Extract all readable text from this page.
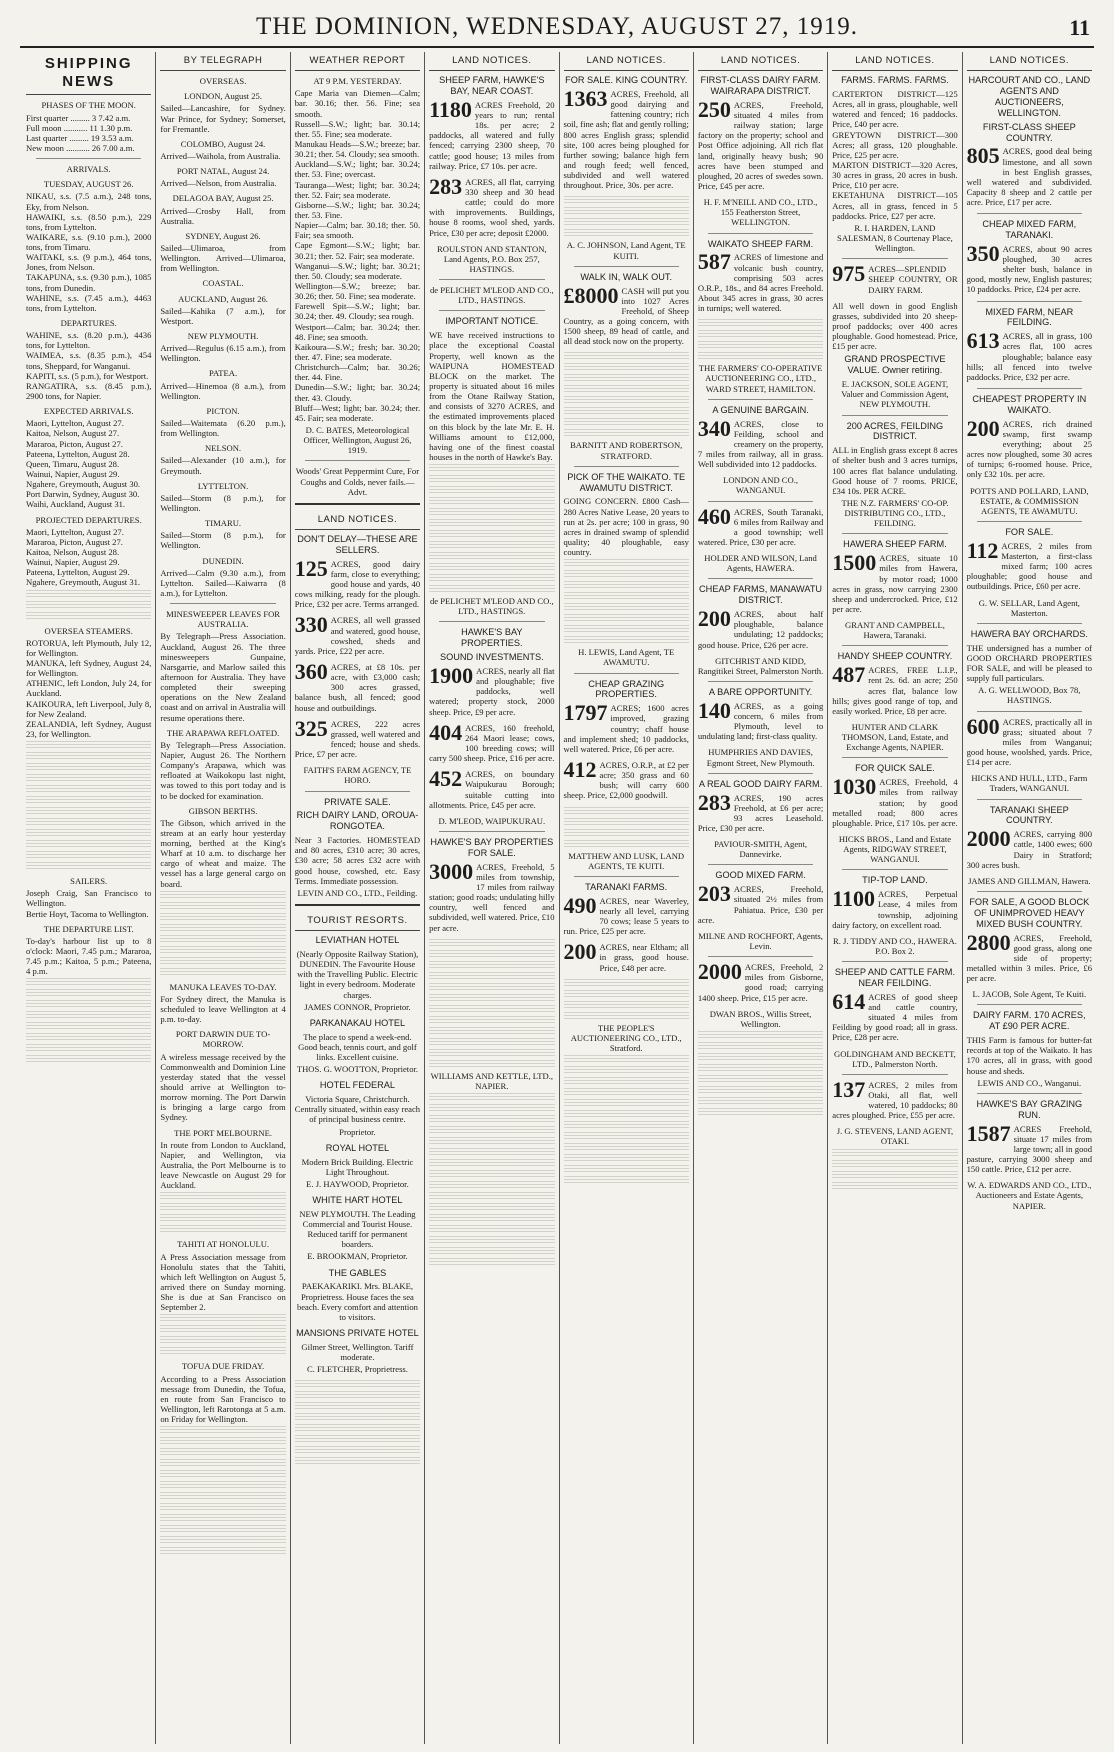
THE DOMINION, WEDNESDAY, AUGUST 27, 1919.	11
SHIPPING NEWS
PHASES OF THE MOON.

First quarter ......... 3 7.42 a.m.

Full moon ........... 11 1.30 p.m.

Last quarter ......... 19 3.53 a.m.

New moon ........... 26 7.00 a.m.

ARRIVALS.
TUESDAY, AUGUST 26.

NIKAU, s.s. (7.5 a.m.), 248 tons, Eky, from Nelson.

HAWAIKI, s.s. (8.50 p.m.), 229 tons, from Lyttelton.

WAIKARE, s.s. (9.10 p.m.), 2000 tons, from Timaru.

WAITAKI, s.s. (9 p.m.), 464 tons, Jones, from Nelson.

TAKAPUNA, s.s. (9.30 p.m.), 1085 tons, from Dunedin.

WAHINE, s.s. (7.45 a.m.), 4463 tons, from Lyttelton.

DEPARTURES.

WAHINE, s.s. (8.20 p.m.), 4436 tons, for Lyttelton.

WAIMEA, s.s. (8.35 p.m.), 454 tons, Sheppard, for Wanganui.

KAPITI, s.s. (5 p.m.), for Westport.

RANGATIRA, s.s. (8.45 p.m.), 2900 tons, for Napier.

EXPECTED ARRIVALS.

Maori, Lyttelton, August 27.

Kaitoa, Nelson, August 27.

Mararoa, Picton, August 27.

Pateena, Lyttelton, August 28.

Queen, Timaru, August 28.

Wainui, Napier, August 29.

Ngahere, Greymouth, August 30.

Port Darwin, Sydney, August 30.

Waihi, Auckland, August 31.

PROJECTED DEPARTURES.

Maori, Lyttelton, August 27.

Mararoa, Picton, August 27.

Kaitoa, Nelson, August 28.

Wainui, Napier, August 29.

Pateena, Lyttelton, August 29.

Ngahere, Greymouth, August 31.

OVERSEA STEAMERS.

ROTORUA, left Plymouth, July 12, for Wellington.

MANUKA, left Sydney, August 24, for Wellington.

ATHENIC, left London, July 24, for Auckland.

KAIKOURA, left Liverpool, July 8, for New Zealand.

ZEALANDIA, left Sydney, August 23, for Wellington.

SAILERS.

Joseph Craig, San Francisco to Wellington.

Bertie Hoyt, Tacoma to Wellington.

THE DEPARTURE LIST.

To-day's harbour list up to 8 o'clock: Maori, 7.45 p.m.; Mararoa, 7.45 p.m.; Kaitoa, 5 p.m.; Pateena, 4 p.m.

BY TELEGRAPH
OVERSEAS.
LONDON, August 25.

Sailed—Lancashire, for Sydney. War Prince, for Sydney; Somerset, for Fremantle.

COLOMBO, August 24.

Arrived—Waihola, from Australia.

PORT NATAL, August 24.

Arrived—Nelson, from Australia.

DELAGOA BAY, August 25.

Arrived—Crosby Hall, from Australia.

SYDNEY, August 26.

Sailed—Ulimaroa, from Wellington. Arrived—Ulimaroa, from Wellington.

COASTAL.
AUCKLAND, August 26.

Sailed—Kahika (7 a.m.), for Westport.

NEW PLYMOUTH.

Arrived—Regulus (6.15 a.m.), from Wellington.

PATEA.

Arrived—Hinemoa (8 a.m.), from Wellington.

PICTON.

Sailed—Waitemata (6.20 p.m.), from Wellington.

NELSON.

Sailed—Alexander (10 a.m.), for Greymouth.

LYTTELTON.

Sailed—Storm (8 p.m.), for Wellington.

TIMARU.

Sailed—Storm (8 p.m.), for Wellington.

DUNEDIN.

Arrived—Calm (9.30 a.m.), from Lyttelton. Sailed—Kaiwarra (8 a.m.), for Lyttelton.

MINESWEEPER LEAVES FOR AUSTRALIA.

By Telegraph—Press Association. Auckland, August 26. The three minesweepers Gunpaine, Narsgarrie, and Marlow sailed this afternoon for Australia. They have completed their sweeping operations on the New Zealand coast and on arrival in Australia will resume operations there.

THE ARAPAWA REFLOATED.

By Telegraph—Press Association. Napier, August 26. The Northern Company's Arapawa, which was refloated at Waikokopu last night, was towed to this port today and is to be docked for examination.

GIBSON BERTHS.

The Gibson, which arrived in the stream at an early hour yesterday morning, berthed at the King's Wharf at 10 a.m. to discharge her cargo of wheat and maize. The vessel has a large general cargo on board.

MANUKA LEAVES TO-DAY.

For Sydney direct, the Manuka is scheduled to leave Wellington at 4 p.m. to-day.

PORT DARWIN DUE TO-MORROW.

A wireless message received by the Commonwealth and Dominion Line yesterday stated that the vessel should arrive at Wellington to-morrow morning. The Port Darwin is bringing a large cargo from Sydney.

THE PORT MELBOURNE.

In route from London to Auckland, Napier, and Wellington, via Australia, the Port Melbourne is to leave Newcastle on August 29 for Auckland.

TAHITI AT HONOLULU.

A Press Association message from Honolulu states that the Tahiti, which left Wellington on August 5, arrived there on Sunday morning. She is due at San Francisco on September 2.

TOFUA DUE FRIDAY.

According to a Press Association message from Dunedin, the Tofua, en route from San Francisco to Wellington, left Rarotonga at 5 a.m. on Friday for Wellington.

WEATHER REPORT
AT 9 P.M. YESTERDAY.

Cape Maria van Diemen—Calm; bar. 30.16; ther. 56. Fine; sea smooth.

Russell—S.W.; light; bar. 30.14; ther. 55. Fine; sea moderate.

Manukau Heads—S.W.; breeze; bar. 30.21; ther. 54. Cloudy; sea smooth.

Auckland—S.W.; light; bar. 30.24; ther. 53. Fine; overcast.

Tauranga—West; light; bar. 30.24; ther. 52. Fair; sea moderate.

Gisborne—S.W.; light; bar. 30.24; ther. 53. Fine.

Napier—Calm; bar. 30.18; ther. 50. Fair; sea smooth.

Cape Egmont—S.W.; light; bar. 30.21; ther. 52. Fair; sea moderate.

Wanganui—S.W.; light; bar. 30.21; ther. 50. Cloudy; sea moderate.

Wellington—S.W.; breeze; bar. 30.26; ther. 50. Fine; sea moderate.

Farewell Spit—S.W.; light; bar. 30.24; ther. 49. Cloudy; sea rough.

Westport—Calm; bar. 30.24; ther. 48. Fine; sea smooth.

Kaikoura—S.W.; fresh; bar. 30.20; ther. 47. Fine; sea moderate.

Christchurch—Calm; bar. 30.26; ther. 44. Fine.

Dunedin—S.W.; light; bar. 30.24; ther. 43. Cloudy.

Bluff—West; light; bar. 30.24; ther. 45. Fair; sea moderate.

D. C. BATES, Meteorological Officer, Wellington, August 26, 1919.

Woods' Great Peppermint Cure, For Coughs and Colds, never fails.—Advt.

LAND NOTICES.
DON'T DELAY—THESE ARE SELLERS.
125 ACRES, good dairy farm, close to everything; good house and yards, 40 cows milking, ready for the plough. Price, £32 per acre. Terms arranged.
330 ACRES, all well grassed and watered, good house, cowshed, sheds and yards. Price, £22 per acre.
360 ACRES, at £8 10s. per acre, with £3,000 cash; 300 acres grassed, balance bush, all fenced; good house and outbuildings.
325 ACRES, 222 acres grassed, well watered and fenced; house and sheds. Price, £7 per acre.
FAITH'S FARM AGENCY, TE HORO.
PRIVATE SALE.
RICH DAIRY LAND, OROUA-RONGOTEA.

Near 3 Factories. HOMESTEAD and 80 acres, £310 acre; 30 acres, £30 acre; 58 acres £32 acre with good house, cowshed, etc. Easy Terms. Immediate possession.

LEVIN AND CO., LTD., Feilding.
TOURIST RESORTS.
LEVIATHAN HOTEL

(Nearly Opposite Railway Station), DUNEDIN. The Favourite House with the Travelling Public. Electric light in every bedroom. Moderate charges.

JAMES CONNOR, Proprietor.
PARKANAKAU HOTEL

The place to spend a week-end. Good beach, tennis court, and golf links. Excellent cuisine.

THOS. G. WOOTTON, Proprietor.
HOTEL FEDERAL

Victoria Square, Christchurch. Centrally situated, within easy reach of principal business centre.

Proprietor.
ROYAL HOTEL

Modern Brick Building. Electric Light Throughout.

E. J. HAYWOOD, Proprietor.
WHITE HART HOTEL

NEW PLYMOUTH. The Leading Commercial and Tourist House. Reduced tariff for permanent boarders.

E. BROOKMAN, Proprietor.
THE GABLES

PAEKAKARIKI. Mrs. BLAKE, Proprietress. House faces the sea beach. Every comfort and attention to visitors.

MANSIONS PRIVATE HOTEL

Gilmer Street, Wellington. Tariff moderate.

C. FLETCHER, Proprietress.
LAND NOTICES.
SHEEP FARM, HAWKE'S BAY, NEAR COAST.
1180 ACRES Freehold, 20 years to run; rental 18s. per acre; 2 paddocks, all watered and fully fenced; carrying 2300 sheep, 70 cattle; good house; 13 miles from railway. Price, £7 10s. per acre.
283 ACRES, all flat, carrying 330 sheep and 30 head cattle; could do more with improvements. Buildings, house 8 rooms, wool shed, yards. Price, £30 per acre; deposit £2000.
ROULSTON AND STANTON, Land Agents, P.O. Box 257, HASTINGS.
de PELICHET M'LEOD AND CO., LTD., HASTINGS.
IMPORTANT NOTICE.

WE have received instructions to place the exceptional Coastal Property, well known as the WAIPUNA HOMESTEAD BLOCK on the market. The property is situated about 16 miles from the Otane Railway Station, and consists of 3270 ACRES, and the estimated improvements placed on this block by the late Mr. E. H. Williams amount to £12,000, having one of the finest coastal houses in the north of Hawke's Bay.

de PELICHET M'LEOD AND CO., LTD., HASTINGS.
HAWKE'S BAY PROPERTIES.
SOUND INVESTMENTS.
1900 ACRES, nearly all flat and ploughable; five paddocks, well watered; property stock, 2000 sheep. Price, £9 per acre.
404 ACRES, 160 freehold, 264 Maori lease; cows, 100 breeding cows; will carry 500 sheep. Price, £16 per acre.
452 ACRES, on boundary Waipukurau Borough; suitable cutting into allotments. Price, £45 per acre.
D. M'LEOD, WAIPUKURAU.
HAWKE'S BAY PROPERTIES FOR SALE.
3000 ACRES, Freehold, 5 miles from township, 17 miles from railway station; good roads; undulating hilly country, well fenced and subdivided, well watered. Price, £10 per acre.
WILLIAMS AND KETTLE, LTD., NAPIER.
LAND NOTICES.
FOR SALE. KING COUNTRY.
1363 ACRES, Freehold, all good dairying and fattening country; rich soil, fine ash; flat and gently rolling; 800 acres English grass; splendid site, 100 acres being ploughed for further sowing; balance high fern and rough feed; well fenced, subdivided and well watered throughout. Price, 30s. per acre.
A. C. JOHNSON, Land Agent, TE KUITI.
WALK IN, WALK OUT.
£8000 CASH will put you into 1027 Acres Freehold, of Sheep Country, as a going concern, with 1500 sheep, 89 head of cattle, and all dead stock now on the property.
BARNITT AND ROBERTSON, STRATFORD.
PICK OF THE WAIKATO. TE AWAMUTU DISTRICT.

GOING CONCERN. £800 Cash—280 Acres Native Lease, 20 years to run at 2s. per acre; 100 in grass, 90 acres in drained swamp of splendid quality; 40 ploughable, easy country.

H. LEWIS, Land Agent, TE AWAMUTU.
CHEAP GRAZING PROPERTIES.
1797 ACRES; 1600 acres improved, grazing country; chaff house and implement shed; 10 paddocks, well watered. Price, £6 per acre.
412 ACRES, O.R.P., at £2 per acre; 350 grass and 60 bush; will carry 600 sheep. Price, £2,000 goodwill.
MATTHEW AND LUSK, LAND AGENTS, TE KUITI.
TARANAKI FARMS.
490 ACRES, near Waverley, nearly all level, carrying 70 cows; lease 5 years to run. Price, £25 per acre.
200 ACRES, near Eltham; all in grass, good house. Price, £48 per acre.
THE PEOPLE'S AUCTIONEERING CO., LTD., Stratford.
LAND NOTICES.
FIRST-CLASS DAIRY FARM. WAIRARAPA DISTRICT.
250 ACRES, Freehold, situated 4 miles from railway station; large factory on the property; school and Post Office adjoining. All rich flat land, originally heavy bush; 90 acres have been stumped and ploughed, 20 acres of swedes sown. Price, £45 per acre.
H. F. M'NEILL AND CO., LTD., 155 Featherston Street, WELLINGTON.
WAIKATO SHEEP FARM.
587 ACRES of limestone and volcanic bush country, comprising 503 acres O.R.P., 18s., and 84 acres Freehold. About 345 acres in grass, 30 acres in turnips; well watered.
THE FARMERS' CO-OPERATIVE AUCTIONEERING CO., LTD., WARD STREET, HAMILTON.
A GENUINE BARGAIN.
340 ACRES, close to Feilding, school and creamery on the property, 7 miles from railway, all in grass. Well subdivided into 12 paddocks.
LONDON AND CO., WANGANUI.
460 ACRES, South Taranaki, 6 miles from Railway and a good township; well watered. Price, £30 per acre.
HOLDER AND WILSON, Land Agents, HAWERA.
CHEAP FARMS, MANAWATU DISTRICT.
200 ACRES, about half ploughable, balance undulating; 12 paddocks; good house. Price, £26 per acre.
GITCHRIST AND KIDD, Rangitikei Street, Palmerston North.
A BARE OPPORTUNITY.
140 ACRES, as a going concern, 6 miles from Plymouth, level to undulating land; first-class quality.
HUMPHRIES AND DAVIES, Egmont Street, New Plymouth.
A REAL GOOD DAIRY FARM.
283 ACRES, 190 acres Freehold, at £6 per acre; 93 acres Leasehold. Price, £30 per acre.
PAVIOUR-SMITH, Agent, Dannevirke.
GOOD MIXED FARM.
203 ACRES, Freehold, situated 2½ miles from Pahiatua. Price, £30 per acre.
MILNE AND ROCHFORT, Agents, Levin.
2000 ACRES, Freehold, 2 miles from Gisborne, good road; carrying 1400 sheep. Price, £15 per acre.
DWAN BROS., Willis Street, Wellington.
LAND NOTICES.
FARMS. FARMS. FARMS.

CARTERTON DISTRICT—125 Acres, all in grass, ploughable, well watered and fenced; 16 paddocks. Price, £40 per acre.

GREYTOWN DISTRICT—300 Acres; all grass, 120 ploughable. Price, £25 per acre.

MARTON DISTRICT—320 Acres, 30 acres in grass, 20 acres in bush. Price, £10 per acre.

EKETAHUNA DISTRICT—105 Acres, all in grass, fenced in 5 paddocks. Price, £27 per acre.

R. I. HARDEN, LAND SALESMAN, 8 Courtenay Place, Wellington.
975 ACRES—SPLENDID SHEEP COUNTRY, OR DAIRY FARM.

All well down in good English grasses, subdivided into 20 sheep-proof paddocks; over 400 acres ploughable. Good homestead. Price, £15 per acre.

GRAND PROSPECTIVE VALUE. Owner retiring.
E. JACKSON, SOLE AGENT, Valuer and Commission Agent, NEW PLYMOUTH.
200 ACRES, FEILDING DISTRICT.

ALL in English grass except 8 acres of shelter bush and 3 acres turnips, 100 acres flat balance undulating. Good house of 7 rooms. PRICE, £34 10s. PER ACRE.

THE N.Z. FARMERS' CO-OP. DISTRIBUTING CO., LTD., FEILDING.
HAWERA SHEEP FARM.
1500 ACRES, situate 10 miles from Hawera, by motor road; 1000 acres in grass, now carrying 2300 sheep and undercrocked. Price, £12 per acre.
GRANT AND CAMPBELL, Hawera, Taranaki.
HANDY SHEEP COUNTRY.
487 ACRES, FREE L.I.P., rent 2s. 6d. an acre; 250 acres flat, balance low hills; gives good range of top, and easily worked. Price, £8 per acre.
HUNTER AND CLARK THOMSON, Land, Estate, and Exchange Agents, NAPIER.
FOR QUICK SALE.
1030 ACRES, Freehold, 4 miles from railway station; by good metalled road; 800 acres ploughable. Price, £17 10s. per acre.
HICKS BROS., Land and Estate Agents, RIDGWAY STREET, WANGANUI.
TIP-TOP LAND.
1100 ACRES, Perpetual Lease, 4 miles from township, adjoining dairy factory, on excellent road.
R. J. TIDDY AND CO., HAWERA. P.O. Box 2.
SHEEP AND CATTLE FARM. NEAR FEILDING.
614 ACRES of good sheep and cattle country, situated 4 miles from Feilding by good road; all in grass. Price, £28 per acre.
GOLDINGHAM AND BECKETT, LTD., Palmerston North.
137 ACRES, 2 miles from Otaki, all flat, well watered, 10 paddocks; 80 acres ploughed. Price, £55 per acre.
J. G. STEVENS, LAND AGENT, OTAKI.
LAND NOTICES.
HARCOURT AND CO., LAND AGENTS AND AUCTIONEERS, WELLINGTON.
FIRST-CLASS SHEEP COUNTRY.
805 ACRES, good deal being limestone, and all sown in best English grasses, well watered and subdivided. Capacity 8 sheep and 2 cattle per acre. Price, £17 per acre.
CHEAP MIXED FARM, TARANAKI.
350 ACRES, about 90 acres ploughed, 30 acres shelter bush, balance in good, mostly new, English pastures; 10 paddocks. Price, £24 per acre.
MIXED FARM, NEAR FEILDING.
613 ACRES, all in grass, 100 acres flat, 100 acres ploughable; balance easy hills; all fenced into twelve paddocks. Price, £32 per acre.
CHEAPEST PROPERTY IN WAIKATO.
200 ACRES, rich drained swamp, first swamp everything; about 25 acres now ploughed, some 30 acres of turnips; 6-roomed house. Price, only £32 10s. per acre.
POTTS AND POLLARD, LAND, ESTATE, & COMMISSION AGENTS, TE AWAMUTU.
FOR SALE.
112 ACRES, 2 miles from Masterton, a first-class mixed farm; 100 acres ploughable; good house and outbuildings. Price, £60 per acre.
G. W. SELLAR, Land Agent, Masterton.
HAWERA BAY ORCHARDS.

THE undersigned has a number of GOOD ORCHARD PROPERTIES FOR SALE, and will be pleased to supply full particulars.

A. G. WELLWOOD, Box 78, HASTINGS.
600 ACRES, practically all in grass; situated about 7 miles from Wanganui; good house, woolshed, yards. Price, £14 per acre.
HICKS AND HULL, LTD., Farm Traders, WANGANUI.
TARANAKI SHEEP COUNTRY.
2000 ACRES, carrying 800 cattle, 1400 ewes; 600 Dairy in Stratford; 300 acres bush.
JAMES AND GILLMAN, Hawera.
FOR SALE, A GOOD BLOCK OF UNIMPROVED HEAVY MIXED BUSH COUNTRY.
2800 ACRES, Freehold, good grass, along one side of property; metalled within 3 miles. Price, £6 per acre.
L. JACOB, Sole Agent, Te Kuiti.
DAIRY FARM. 170 ACRES, AT £90 PER ACRE.

THIS Farm is famous for butter-fat records at top of the Waikato. It has 170 acres, all in grass, with good house and sheds.

LEWIS AND CO., Wanganui.
HAWKE'S BAY GRAZING RUN.
1587 ACRES Freehold, situate 17 miles from large town; all in good pasture, carrying 3000 sheep and 150 cattle. Price, £12 per acre.
W. A. EDWARDS AND CO., LTD., Auctioneers and Estate Agents, NAPIER.
